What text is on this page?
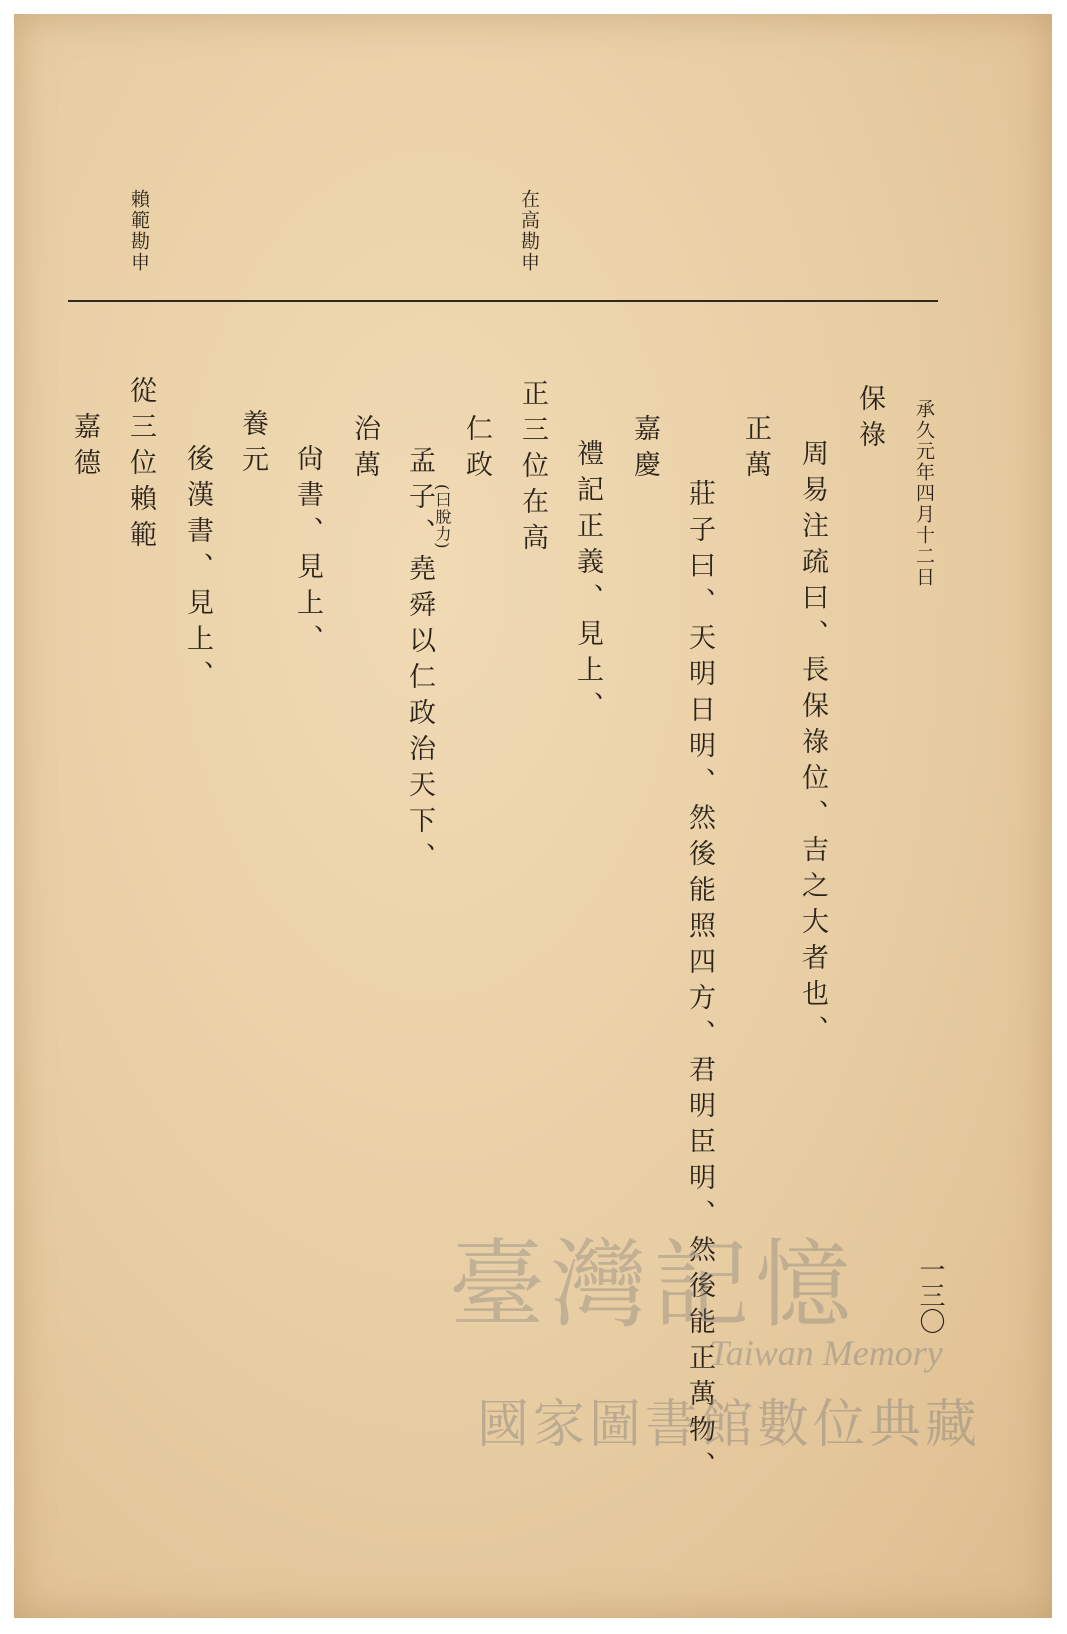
承久元年四月十二日
在高勘申
賴範勘申
保祿
周易注疏曰、長保祿位、吉之大者也、
正萬
莊子曰、天明日明、然後能照四方、君明臣明、然後能正萬物、
嘉慶
禮記正義、見上、
正三位在高
仁政
孟子、堯舜以仁政治天下、
(曰脫力)
治萬
尙書、見上、
養元
後漢書、見上、
從三位賴範
嘉德
一三〇
臺灣記憶
Taiwan Memory
國家圖書館數位典藏
